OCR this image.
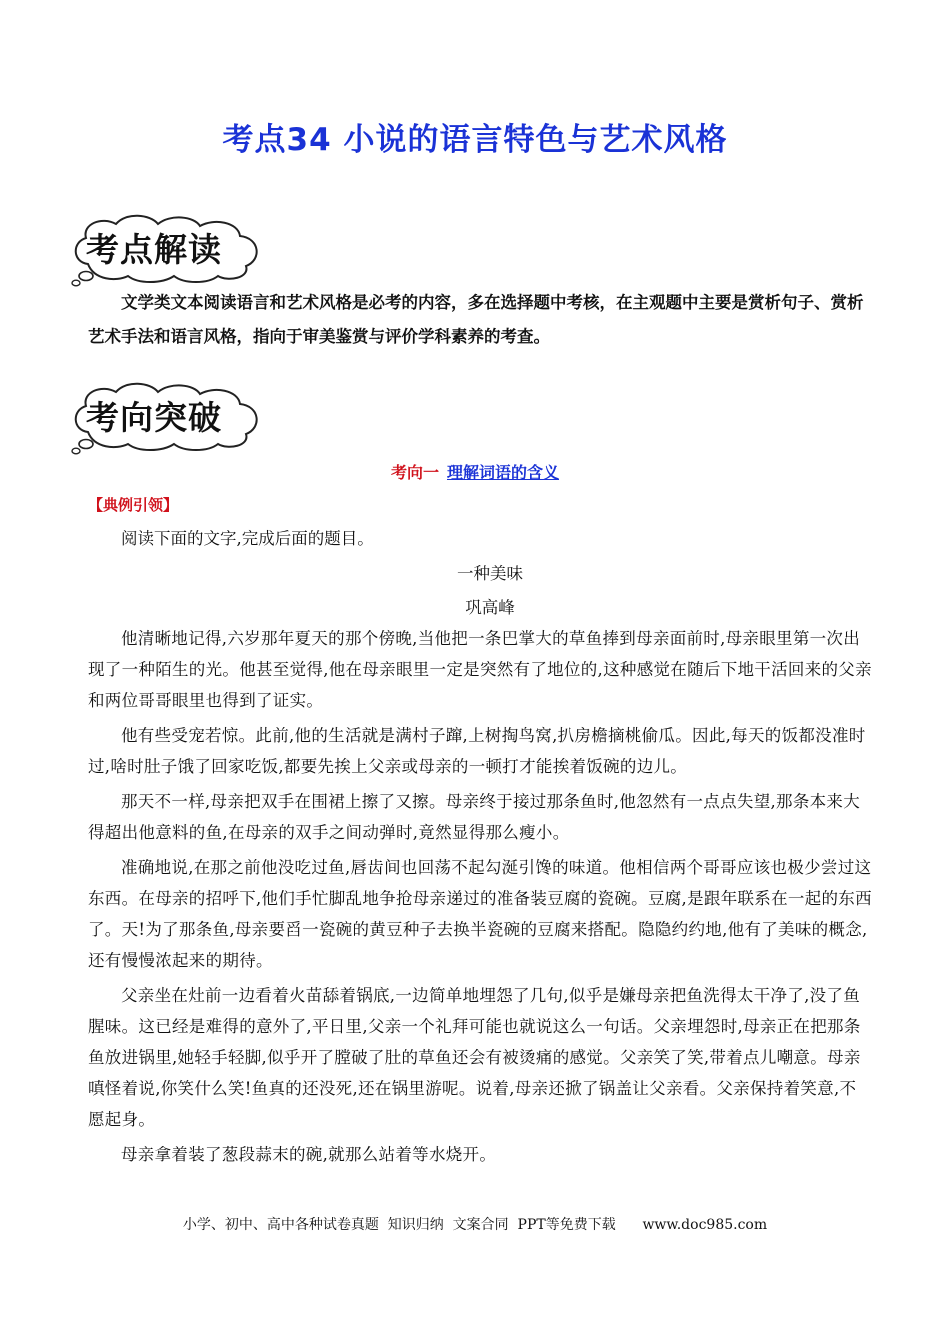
考点34 小说的语言特色与艺术风格
考点解读

文学类文本阅读语言和艺术风格是必考的内容，多在选择题中考核，在主观题中主要是赏析句子、赏析艺术手法和语言风格，指向于审美鉴赏与评价学科素养的考查。

考向突破
考向一 理解词语的含义
【典例引领】
阅读下面的文字,完成后面的题目。
一种美味
巩高峰

他清晰地记得,六岁那年夏天的那个傍晚,当他把一条巴掌大的草鱼捧到母亲面前时,母亲眼里第一次出现了一种陌生的光。他甚至觉得,他在母亲眼里一定是突然有了地位的,这种感觉在随后下地干活回来的父亲和两位哥哥眼里也得到了证实。

他有些受宠若惊。此前,他的生活就是满村子蹿,上树掏鸟窝,扒房檐摘桃偷瓜。因此,每天的饭都没准时过,啥时肚子饿了回家吃饭,都要先挨上父亲或母亲的一顿打才能挨着饭碗的边儿。

那天不一样,母亲把双手在围裙上擦了又擦。母亲终于接过那条鱼时,他忽然有一点点失望,那条本来大得超出他意料的鱼,在母亲的双手之间动弹时,竟然显得那么瘦小。

准确地说,在那之前他没吃过鱼,唇齿间也回荡不起勾涎引馋的味道。他相信两个哥哥应该也极少尝过这东西。在母亲的招呼下,他们手忙脚乱地争抢母亲递过的准备装豆腐的瓷碗。豆腐,是跟年联系在一起的东西了。天!为了那条鱼,母亲要舀一瓷碗的黄豆种子去换半瓷碗的豆腐来搭配。隐隐约约地,他有了美味的概念,还有慢慢浓起来的期待。

父亲坐在灶前一边看着火苗舔着锅底,一边简单地埋怨了几句,似乎是嫌母亲把鱼洗得太干净了,没了鱼腥味。这已经是难得的意外了,平日里,父亲一个礼拜可能也就说这么一句话。父亲埋怨时,母亲正在把那条鱼放进锅里,她轻手轻脚,似乎开了膛破了肚的草鱼还会有被烫痛的感觉。父亲笑了笑,带着点儿嘲意。母亲嗔怪着说,你笑什么笑!鱼真的还没死,还在锅里游呢。说着,母亲还掀了锅盖让父亲看。父亲保持着笑意,不愿起身。

母亲拿着装了葱段蒜末的碗,就那么站着等水烧开。

小学、初中、高中各种试卷真题  知识归纳  文案合同  PPT等免费下载      www.doc985.com
